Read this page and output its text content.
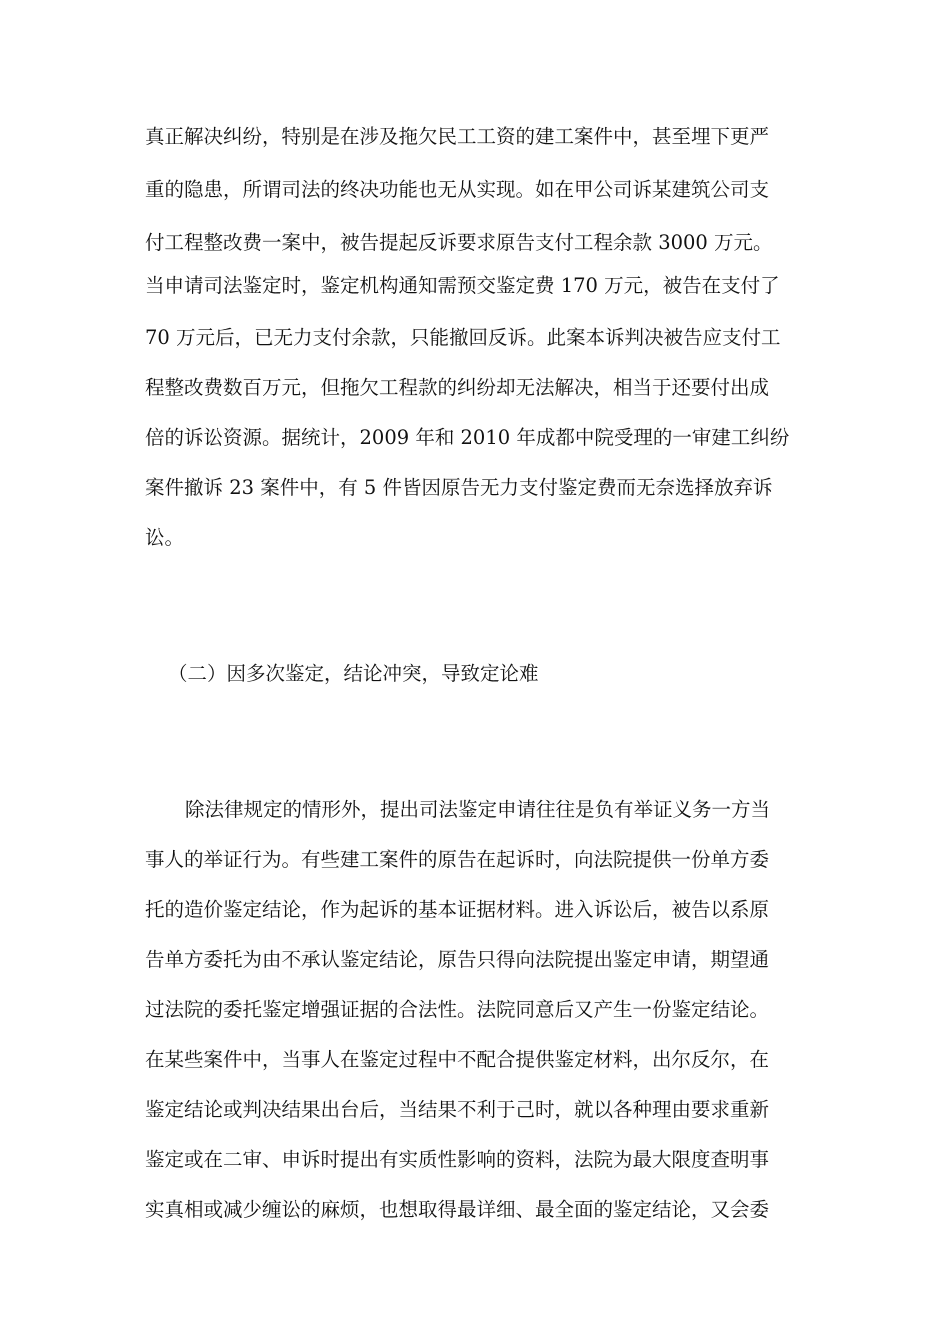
真正解决纠纷，特别是在涉及拖欠民工工资的建工案件中，甚至埋下更严
重的隐患，所谓司法的终决功能也无从实现。如在甲公司诉某建筑公司支
付工程整改费一案中，被告提起反诉要求原告支付工程余款 3000 万元。
当申请司法鉴定时，鉴定机构通知需预交鉴定费 170 万元，被告在支付了
70 万元后，已无力支付余款，只能撤回反诉。此案本诉判决被告应支付工
程整改费数百万元，但拖欠工程款的纠纷却无法解决，相当于还要付出成
倍的诉讼资源。据统计，2009 年和 2010 年成都中院受理的一审建工纠纷
案件撤诉 23 案件中，有 5 件皆因原告无力支付鉴定费而无奈选择放弃诉
讼。
（二）因多次鉴定，结论冲突，导致定论难
除法律规定的情形外，提出司法鉴定申请往往是负有举证义务一方当
事人的举证行为。有些建工案件的原告在起诉时，向法院提供一份单方委
托的造价鉴定结论，作为起诉的基本证据材料。进入诉讼后，被告以系原
告单方委托为由不承认鉴定结论，原告只得向法院提出鉴定申请，期望通
过法院的委托鉴定增强证据的合法性。法院同意后又产生一份鉴定结论。
在某些案件中，当事人在鉴定过程中不配合提供鉴定材料，出尔反尔，在
鉴定结论或判决结果出台后，当结果不利于己时，就以各种理由要求重新
鉴定或在二审、申诉时提出有实质性影响的资料，法院为最大限度查明事
实真相或减少缠讼的麻烦，也想取得最详细、最全面的鉴定结论，又会委
